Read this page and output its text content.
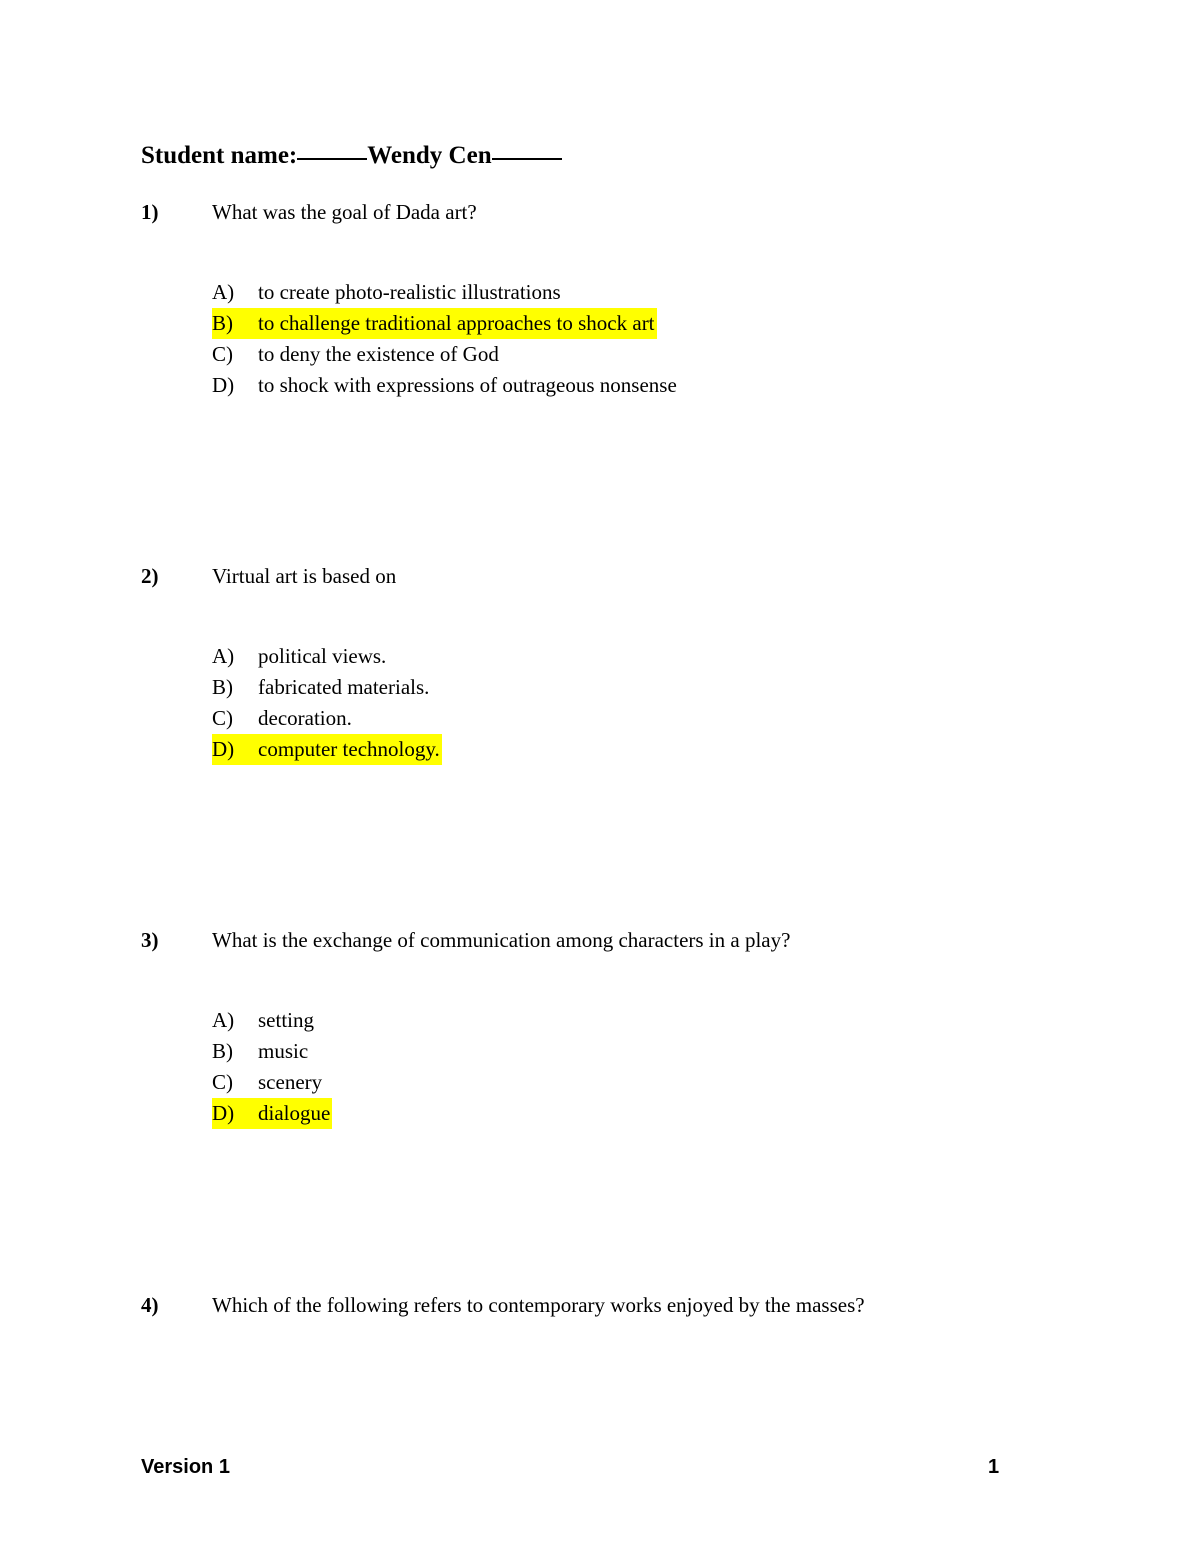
Student name:	Wendy Cen
1)	What was the goal of Dada art?
A) to create photo-realistic illustrations
B) to challenge traditional approaches to shock art
C) to deny the existence of God
D) to shock with expressions of outrageous nonsense
2)	Virtual art is based on
A) political views.
B) fabricated materials.
C) decoration.
D) computer technology.
3)	What is the exchange of communication among characters in a play?
A) setting
B) music
C) scenery
D) dialogue
4)	Which of the following refers to contemporary works enjoyed by the masses?
Version 1	1
